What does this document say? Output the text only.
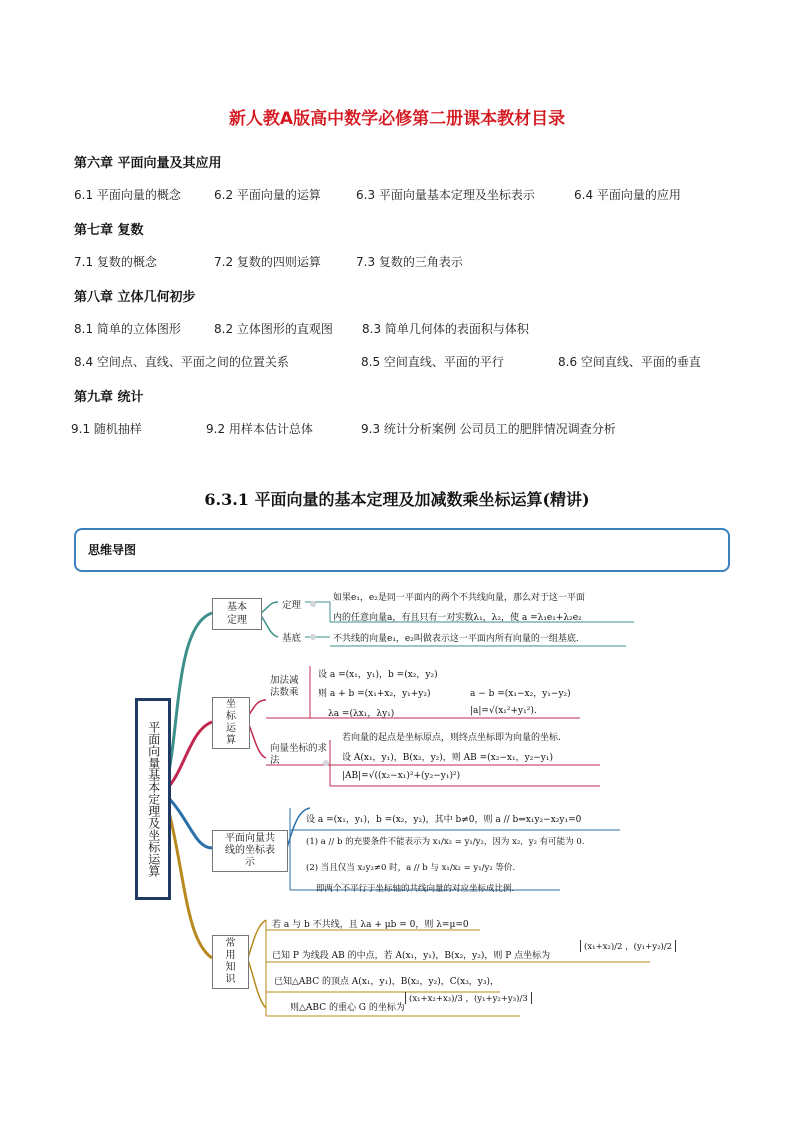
新人教A版高中数学必修第二册课本教材目录
第六章 平面向量及其应用
6.1 平面向量的概念	6.2 平面向量的运算	6.3 平面向量基本定理及坐标表示	6.4 平面向量的应用
第七章 复数
7.1 复数的概念	7.2 复数的四则运算	7.3 复数的三角表示
第八章 立体几何初步
8.1 简单的立体图形	8.2 立体图形的直观图 8.3 简单几何体的表面积与体积
8.4 空间点、直线、平面之间的位置关系	8.5 空间直线、平面的平行	8.6 空间直线、平面的垂直
第九章 统计
9.1 随机抽样	9.2 用样本估计总体	9.3 统计分析案例 公司员工的肥胖情况调查分析
6.3.1 平面向量的基本定理及加减数乘坐标运算(精讲)
思维导图
平面向量基本定理及坐标运算
基本定理
定理
基底
如果e₁，e₂是同一平面内的两个不共线向量，那么对于这一平面
内的任意向量a，有且只有一对实数λ₁，λ₂，使 a =λ₁e₁+λ₂e₂
不共线的向量e₁，e₂叫做表示这一平面内所有向量的一组基底.
坐标运算
加法减法数乘
设 a =(x₁，y₁)，b =(x₂，y₂)
则 a + b =(x₁+x₂，y₁+y₂)	a − b =(x₁−x₂，y₁−y₂)
λa =(λx₁，λy₁)	|a|=√(x₁²+y₁²).
向量坐标的求法
若向量的起点是坐标原点，则终点坐标即为向量的坐标.
设 A(x₁，y₁)，B(x₂，y₂)，则 AB =(x₂−x₁，y₂−y₁)
|AB|=√((x₂−x₁)²+(y₂−y₁)²)
平面向量共线的坐标表示
设 a =(x₁，y₁)，b =(x₂，y₂)，其中 b≠0，则 a // b⇔x₁y₂−x₂y₁=0
(1) a // b 的充要条件不能表示为 x₁/x₂ = y₁/y₂，因为 x₂，y₂ 有可能为 0.
(2) 当且仅当 x₂y₂≠0 时，a // b 与 x₁/x₂ = y₁/y₂ 等价.
即两个不平行于坐标轴的共线向量的对应坐标成比例.
常用知识
若 a 与 b 不共线，且 λa + μb = 0，则 λ=μ=0
已知 P 为线段 AB 的中点，若 A(x₁，y₁)，B(x₂，y₂)，则 P 点坐标为
(x₁+x₂)/2 ，(y₁+y₂)/2
已知△ABC 的顶点 A(x₁，y₁)，B(x₂，y₂)，C(x₃，y₃)，
则△ABC 的重心 G 的坐标为
(x₁+x₂+x₃)/3 ，(y₁+y₂+y₃)/3
